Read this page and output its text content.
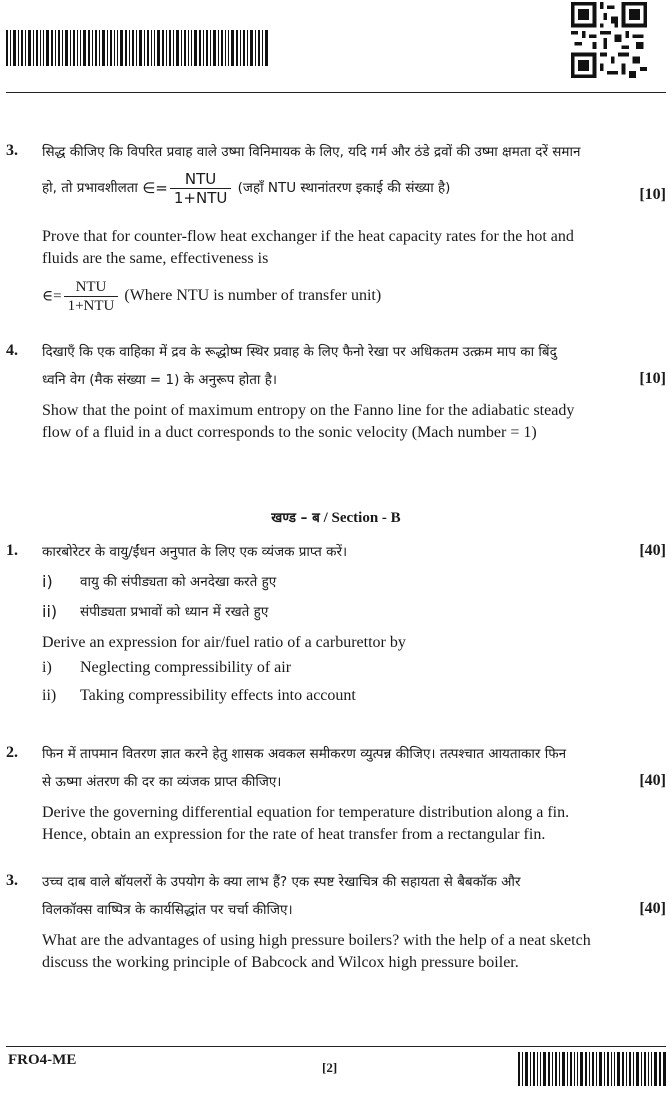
3. सिद्ध कीजिए कि विपरित प्रवाह वाले उष्मा विनिमायक के लिए, यदि गर्म और ठंडे द्रवों की उष्मा क्षमता दरें समान
हो, तो प्रभावशीलता ∈= $\frac{\text{NTU}}{\text{1+NTU}}$ (जहाँ NTU स्थानांतरण इकाई की संख्या है)	[10]
Prove that for counter-flow heat exchanger if the heat capacity rates for the hot and
fluids are the same, effectiveness is
∈= $\frac{\text{NTU}}{\text{1+NTU}}$ (Where NTU is number of transfer unit)
4. दिखाएँ कि एक वाहिका में द्रव के रूद्धोष्म स्थिर प्रवाह के लिए फैनो रेखा पर अधिकतम उत्क्रम माप का बिंदु
ध्वनि वेग (मैक संख्या = 1) के अनुरूप होता है।	[10]
Show that the point of maximum entropy on the Fanno line for the adiabatic steady
flow of a fluid in a duct corresponds to the sonic velocity (Mach number = 1)
खण्ड – ब / Section - B
1.	[40]
कारबोरेटर के वायु/ईंधन अनुपात के लिए एक व्यंजक प्राप्त करें।
i) वायु की संपीड्यता को अनदेखा करते हुए
ii) संपीड्यता प्रभावों को ध्यान में रखते हुए
Derive an expression for air/fuel ratio of a carburettor by
i) Neglecting compressibility of air
ii) Taking compressibility effects into account
2. फिन में तापमान वितरण ज्ञात करने हेतु शासक अवकल समीकरण व्युत्पन्न कीजिए। तत्पश्चात आयताकार फिन
से ऊष्मा अंतरण की दर का व्यंजक प्राप्त कीजिए।	[40]
Derive the governing differential equation for temperature distribution along a fin.
Hence, obtain an expression for the rate of heat transfer from a rectangular fin.
3. उच्च दाब वाले बॉयलरों के उपयोग के क्या लाभ हैं? एक स्पष्ट रेखाचित्र की सहायता से बैबकॉक और
विलकॉक्स वाष्पित्र के कार्यसिद्धांत पर चर्चा कीजिए।	[40]
What are the advantages of using high pressure boilers? with the help of a neat sketch
discuss the working principle of Babcock and Wilcox high pressure boiler.
FRO4-ME	[2]
